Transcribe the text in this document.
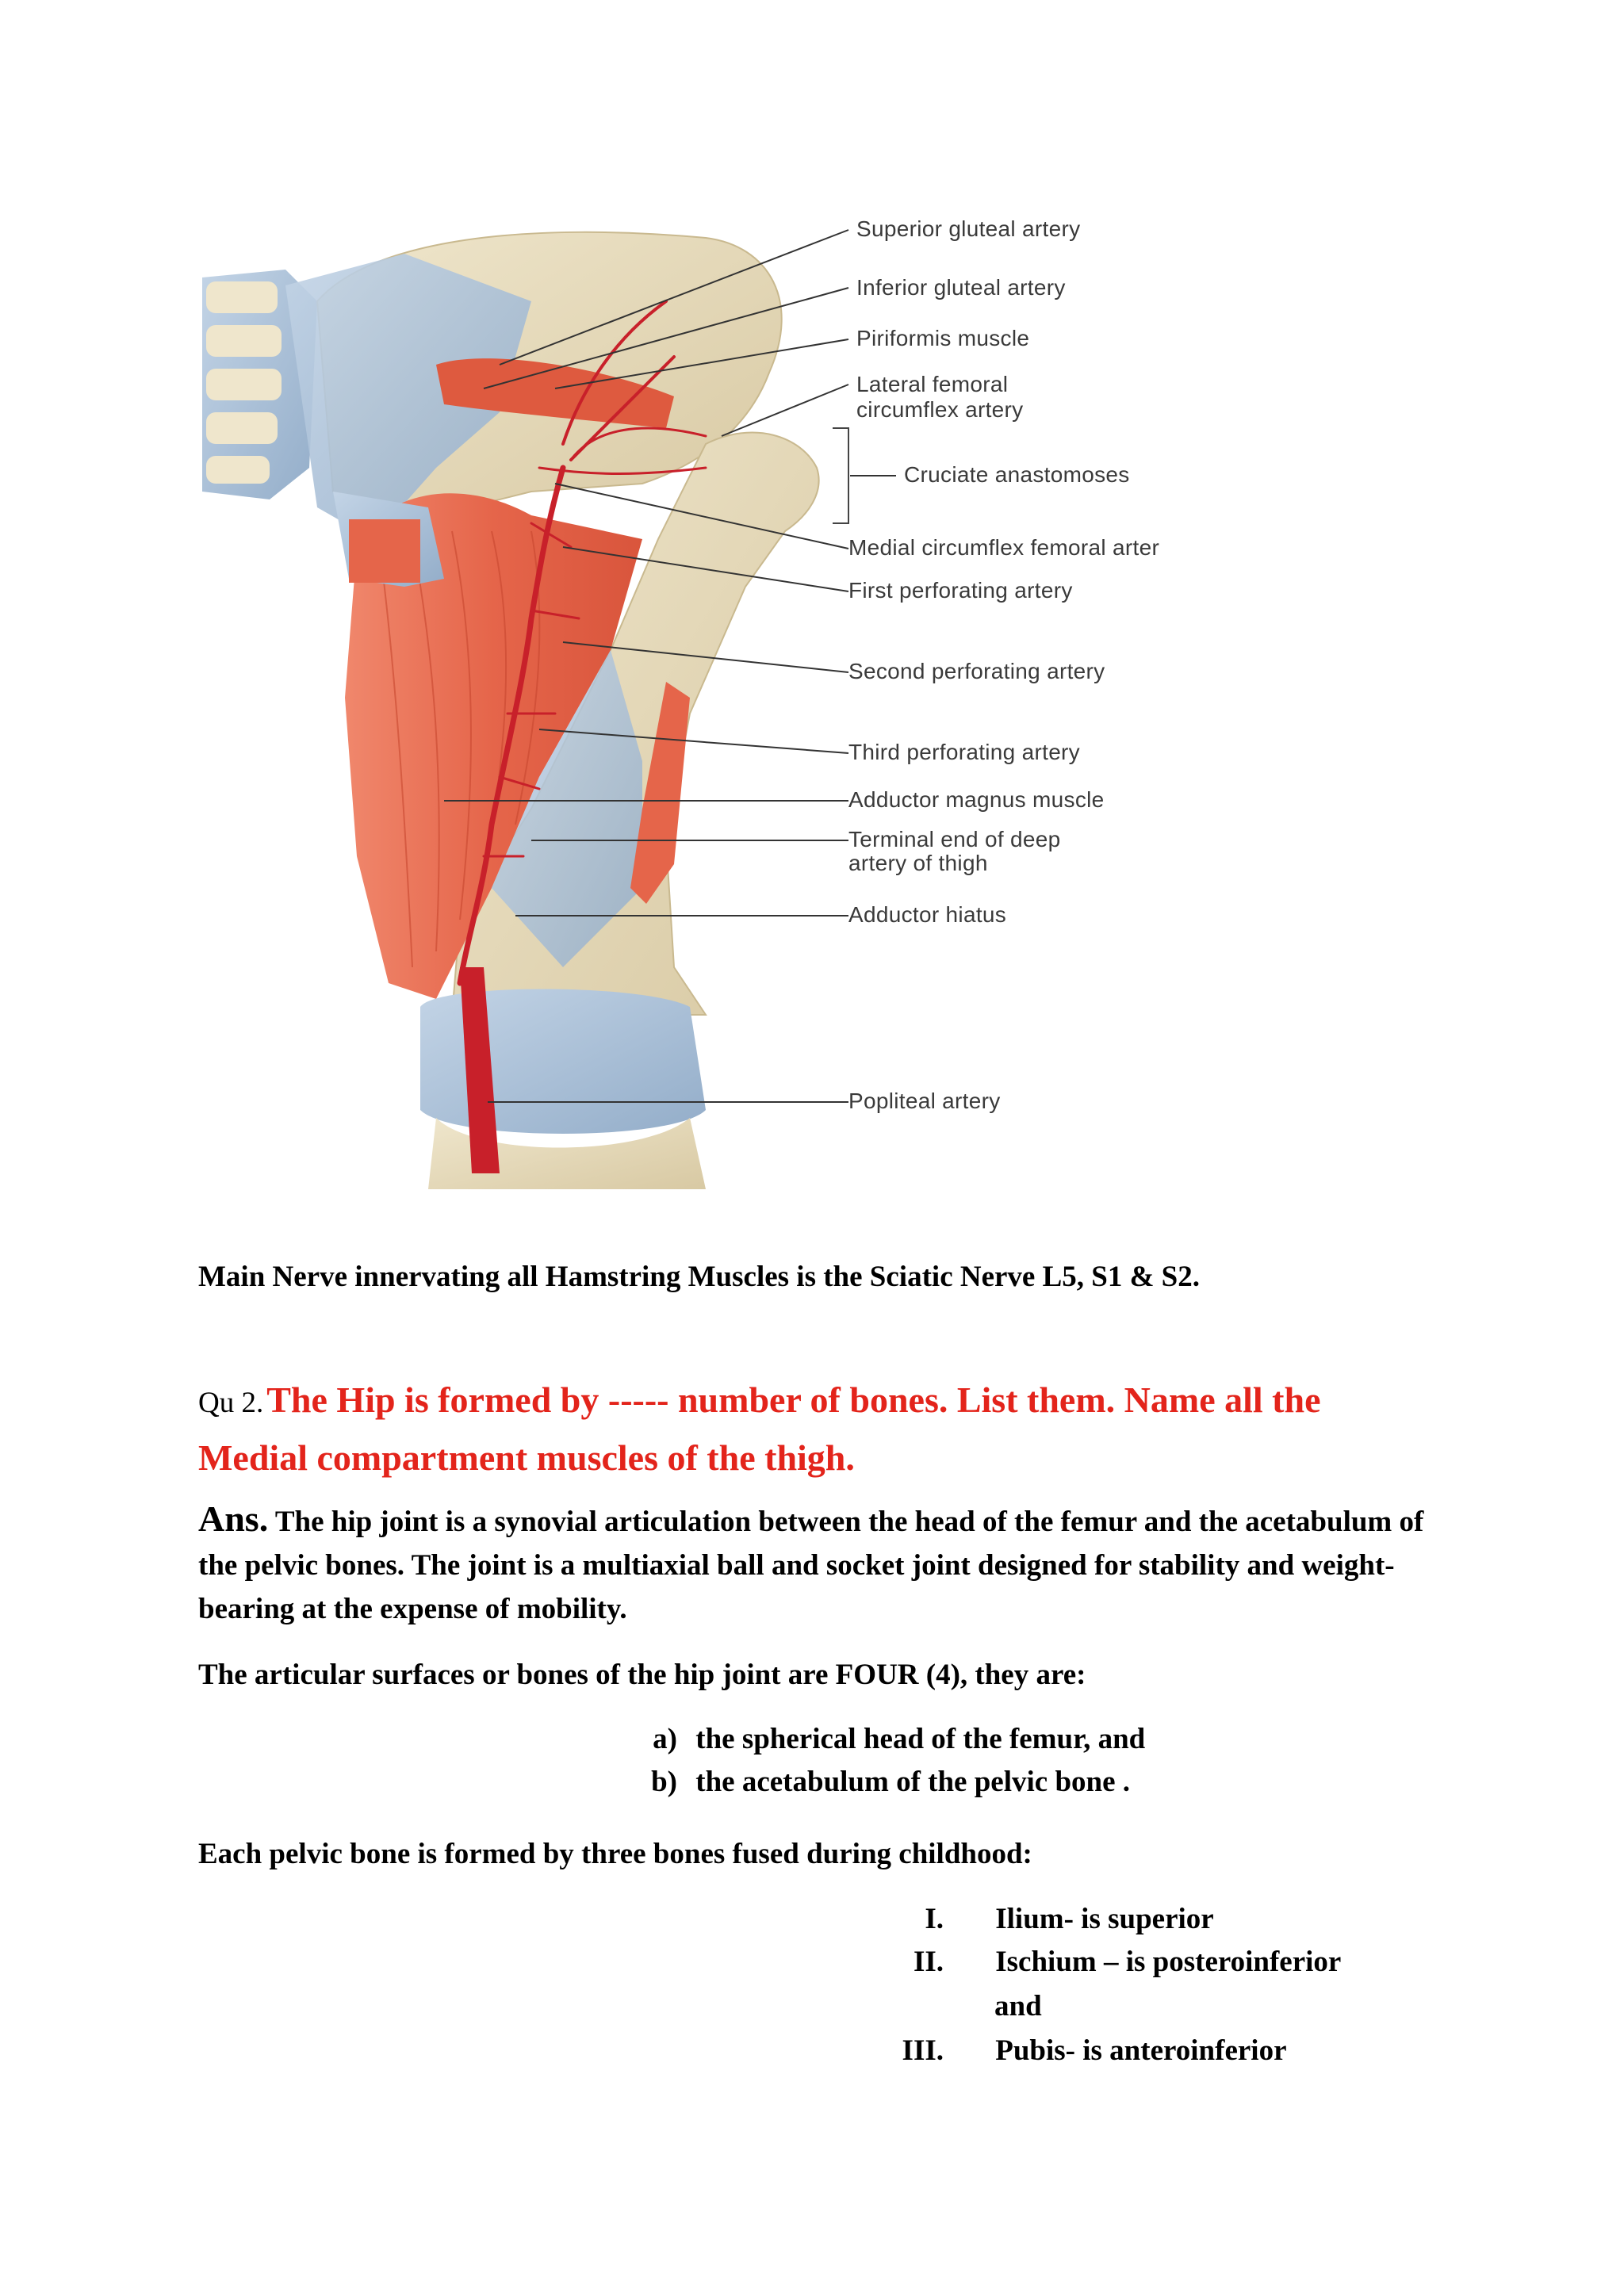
Superior gluteal artery
Inferior gluteal artery
Piriformis muscle
Lateral femoral
circumflex artery
Cruciate anastomoses
Medial circumflex femoral arter
First perforating artery
Second perforating artery
Third perforating artery
Adductor magnus muscle
Terminal end of deep
artery of thigh
Adductor hiatus
Popliteal artery
Main Nerve innervating all Hamstring Muscles is the Sciatic Nerve L5, S1 & S2.
Qu 2. The Hip is formed by ----- number of bones. List them. Name all the Medial compartment muscles of the thigh.
Ans. The hip joint is a synovial articulation between the head of the femur and the acetabulum of the pelvic bones. The joint is a multiaxial ball and socket joint designed for stability and weight-bearing at the expense of mobility.
The articular surfaces or bones of the hip joint are FOUR (4), they are:
a) the spherical head of the femur, and
b) the acetabulum of the pelvic bone .
Each pelvic bone is formed by three bones fused during childhood:
I. Ilium- is superior
II. Ischium – is posteroinferior
and
III. Pubis- is anteroinferior
